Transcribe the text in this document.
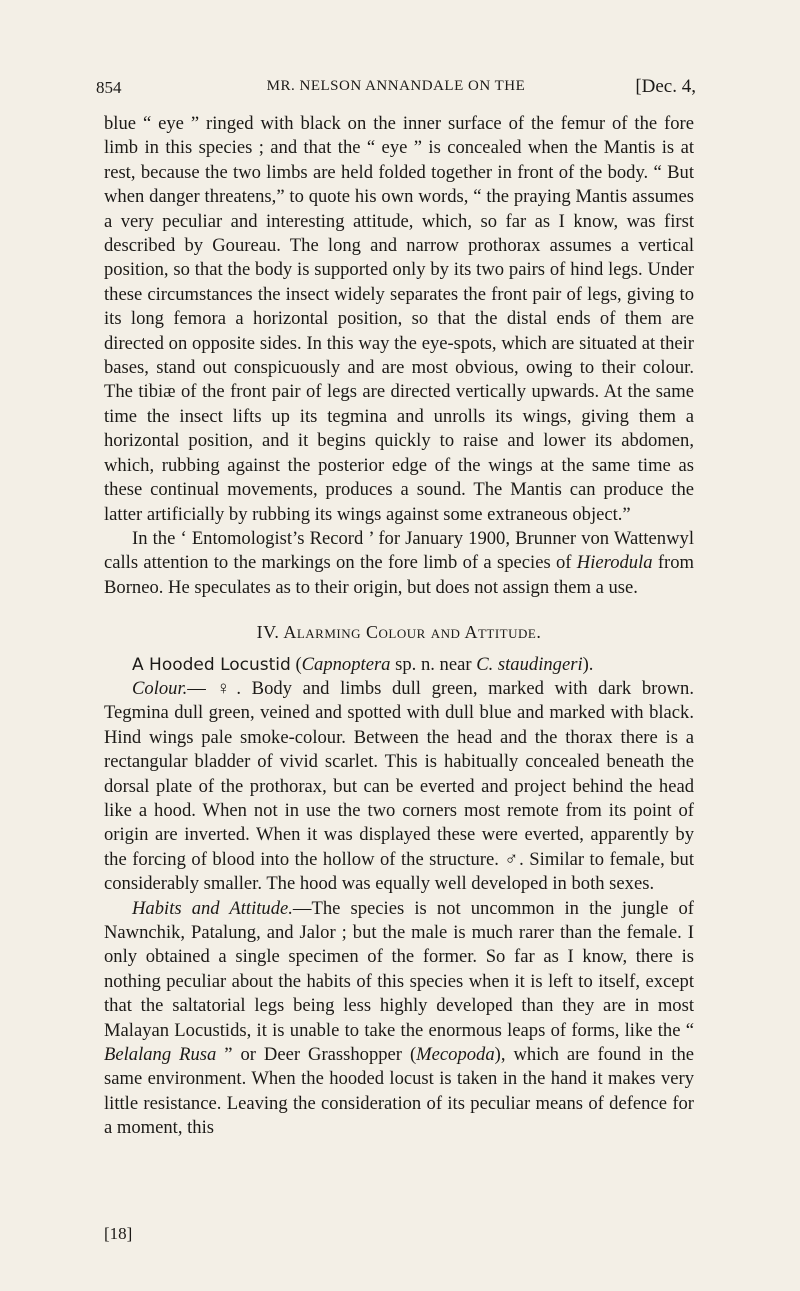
854	MR. NELSON ANNANDALE ON THE	[Dec. 4,

blue “ eye ” ringed with black on the inner surface of the femur of the fore limb in this species ; and that the “ eye ” is concealed when the Mantis is at rest, because the two limbs are held folded together in front of the body. “ But when danger threatens,” to quote his own words, “ the praying Mantis assumes a very peculiar and interesting attitude, which, so far as I know, was first described by Goureau. The long and narrow prothorax assumes a vertical position, so that the body is supported only by its two pairs of hind legs. Under these circumstances the insect widely separates the front pair of legs, giving to its long femora a horizontal position, so that the distal ends of them are directed on opposite sides. In this way the eye-spots, which are situated at their bases, stand out conspicuously and are most obvious, owing to their colour. The tibiæ of the front pair of legs are directed vertically upwards. At the same time the insect lifts up its tegmina and unrolls its wings, giving them a horizontal position, and it begins quickly to raise and lower its abdomen, which, rubbing against the posterior edge of the wings at the same time as these continual movements, produces a sound. The Mantis can produce the latter artificially by rubbing its wings against some extraneous object.”

In the ‘ Entomologist’s Record ’ for January 1900, Brunner von Wattenwyl calls attention to the markings on the fore limb of a species of Hierodula from Borneo. He speculates as to their origin, but does not assign them a use.

IV. Alarming Colour and Attitude.

A Hooded Locustid (Capnoptera sp. n. near C. staudingeri).

Colour.— ♀. Body and limbs dull green, marked with dark brown. Tegmina dull green, veined and spotted with dull blue and marked with black. Hind wings pale smoke-colour. Between the head and the thorax there is a rectangular bladder of vivid scarlet. This is habitually concealed beneath the dorsal plate of the prothorax, but can be everted and project behind the head like a hood. When not in use the two corners most remote from its point of origin are inverted. When it was displayed these were everted, apparently by the forcing of blood into the hollow of the structure. ♂. Similar to female, but considerably smaller. The hood was equally well developed in both sexes.

Habits and Attitude.—The species is not uncommon in the jungle of Nawnchik, Patalung, and Jalor ; but the male is much rarer than the female. I only obtained a single specimen of the former. So far as I know, there is nothing peculiar about the habits of this species when it is left to itself, except that the saltatorial legs being less highly developed than they are in most Malayan Locustids, it is unable to take the enormous leaps of forms, like the “ Belalang Rusa ” or Deer Grasshopper (Mecopoda), which are found in the same environment. When the hooded locust is taken in the hand it makes very little resistance. Leaving the consideration of its peculiar means of defence for a moment, this

[18]
